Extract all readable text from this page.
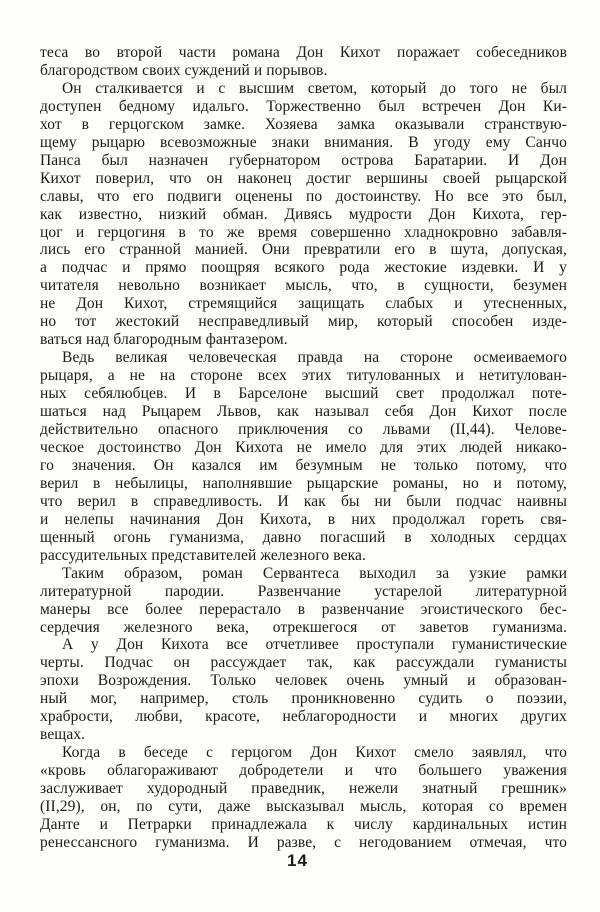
теса во второй части романа Дон Кихот поражает собеседников
благородством своих суждений и порывов.
Он сталкивается и с высшим светом, который до того не был
доступен бедному идальго. Торжественно был встречен Дон Ки-
хот в герцогском замке. Хозяева замка оказывали странствую-
щему рыцарю всевозможные знаки внимания. В угоду ему Санчо
Панса был назначен губернатором острова Баратарии. И Дон
Кихот поверил, что он наконец достиг вершины своей рыцарской
славы, что его подвиги оценены по достоинству. Но все это был,
как известно, низкий обман. Дивясь мудрости Дон Кихота, гер-
цог и герцогиня в то же время совершенно хладнокровно забавля-
лись его странной манией. Они превратили его в шута, допуская,
а подчас и прямо поощряя всякого рода жестокие издевки. И у
читателя невольно возникает мысль, что, в сущности, безумен
не Дон Кихот, стремящийся защищать слабых и утесненных,
но тот жестокий несправедливый мир, который способен изде-
ваться над благородным фантазером.
Ведь великая человеческая правда на стороне осмеиваемого
рыцаря, а не на стороне всех этих титулованных и нетитулован-
ных себялюбцев. И в Барселоне высший свет продолжал поте-
шаться над Рыцарем Львов, как называл себя Дон Кихот после
действительно опасного приключения со львами (II,44). Челове-
ческое достоинство Дон Кихота не имело для этих людей никако-
го значения. Он казался им безумным не только потому, что
верил в небылицы, наполнявшие рыцарские романы, но и потому,
что верил в справедливость. И как бы ни были подчас наивны
и нелепы начинания Дон Кихота, в них продолжал гореть свя-
щенный огонь гуманизма, давно погасший в холодных сердцах
рассудительных представителей железного века.
Таким образом, роман Сервантеса выходил за узкие рамки
литературной пародии. Развенчание устарелой литературной
манеры все более перерастало в развенчание эгоистического бес-
сердечия железного века, отрекшегося от заветов гуманизма.
А у Дон Кихота все отчетливее проступали гуманистические
черты. Подчас он рассуждает так, как рассуждали гуманисты
эпохи Возрождения. Только человек очень умный и образован-
ный мог, например, столь проникновенно судить о поэзии,
храбрости, любви, красоте, неблагородности и многих других
вещах.
Когда в беседе с герцогом Дон Кихот смело заявлял, что
«кровь облагораживают добродетели и что большего уважения
заслуживает худородный праведник, нежели знатный грешник»
(II,29), он, по сути, даже высказывал мысль, которая со времен
Данте и Петрарки принадлежала к числу кардинальных истин
ренессансного гуманизма. И разве, с негодованием отмечая, что
14
